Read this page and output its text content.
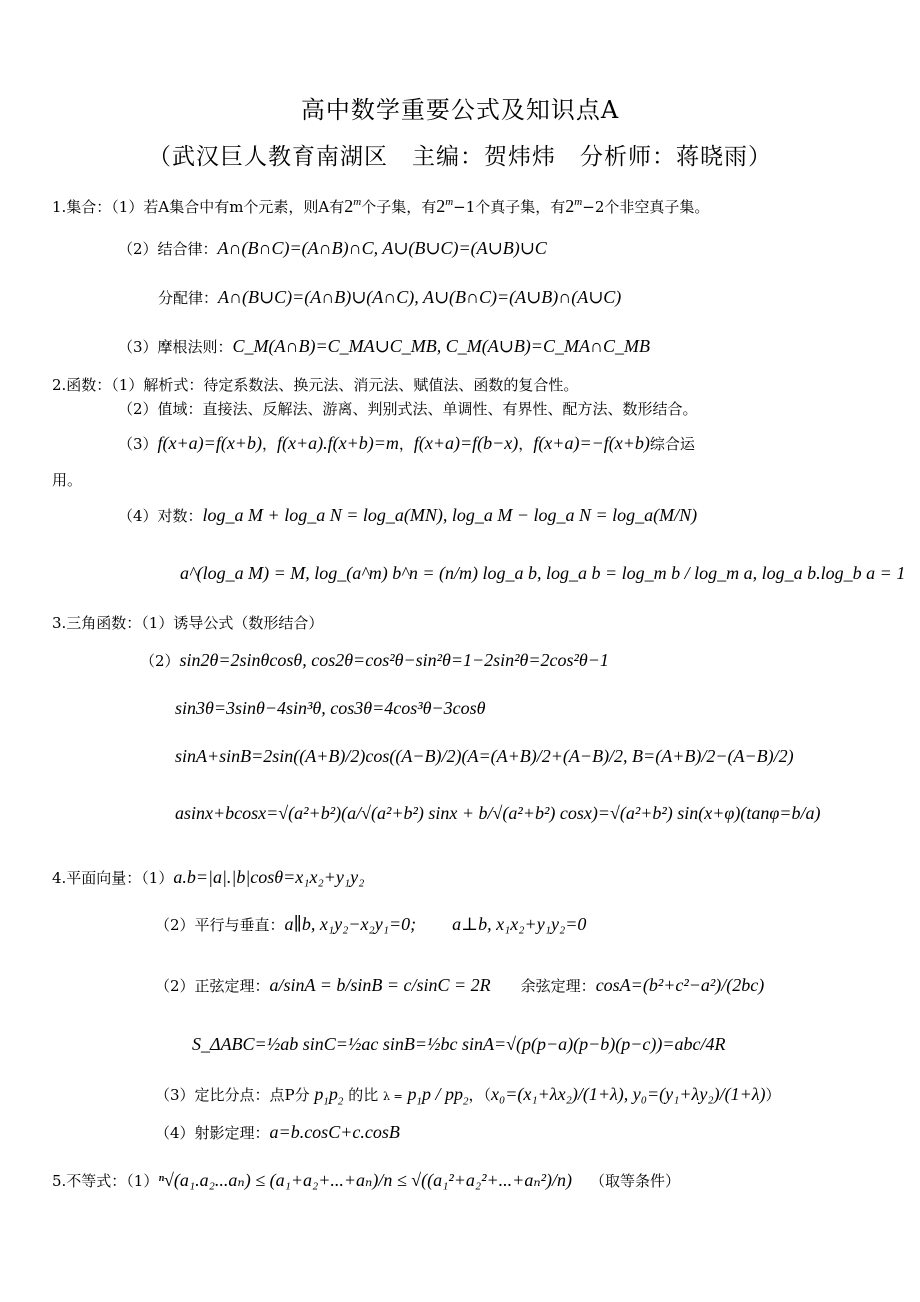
高中数学重要公式及知识点A
（武汉巨人教育南湖区　主编：贺炜炜　分析师：蒋晓雨）
1.集合：（1）若A集合中有m个元素，则A有2$^m$个子集，有$2^m-1$个真子集，有$2^m-2$个非空真子集。
（2）结合律：A∩(B∩C)=(A∩B)∩C, A∪(B∪C)=(A∪B)∪C
分配律：A∩(B∪C)=(A∩B)∪(A∩C), A∪(B∩C)=(A∪B)∩(A∪C)
（3）摩根法则：C_M(A∩B)=C_MA∪C_MB, C_M(A∪B)=C_MA∩C_MB
2.函数：（1）解析式：待定系数法、换元法、消元法、赋值法、函数的复合性。
（2）值域：直接法、反解法、游离、判别式法、单调性、有界性、配方法、数形结合。
（3）f(x+a)=f(x+b)，f(x+a).f(x+b)=m，f(x+a)=f(b−x)，f(x+a)=−f(x+b)综合运
用。
（4）对数：log_a M + log_a N = log_a(MN), log_a M − log_a N = log_a(M/N)
a^(log_a M) = M, log_(a^m) b^n = (n/m) log_a b, log_a b = log_m b / log_m a, log_a b.log_b a = 1
3.三角函数：（1）诱导公式（数形结合）
（2）sin2θ=2sinθcosθ, cos2θ=cos²θ−sin²θ=1−2sin²θ=2cos²θ−1
sin3θ=3sinθ−4sin³θ, cos3θ=4cos³θ−3cosθ
sinA+sinB=2sin((A+B)/2)cos((A−B)/2)(A=(A+B)/2+(A−B)/2, B=(A+B)/2−(A−B)/2)
asinx+bcosx=√(a²+b²)(a/√(a²+b²) sinx + b/√(a²+b²) cosx)=√(a²+b²) sin(x+φ)(tanφ=b/a)
4.平面向量：（1）a.b=|a|.|b|cosθ=x₁x₂+y₁y₂
（2）平行与垂直：a∥b, x₁y₂−x₂y₁=0;　　a⊥b, x₁x₂+y₁y₂=0
（2）正弦定理：a/sinA = b/sinB = c/sinC = 2R 余弦定理：cosA=(b²+c²−a²)/(2bc)
S_ΔABC=½ab sinC=½ac sinB=½bc sinA=√(p(p−a)(p−b)(p−c))=abc/4R
（3）定比分点：点P分 $p_1p_2$ 的比 $\lambda = p_1p / pp_2$，（x₀=(x₁+λx₂)/(1+λ), y₀=(y₁+λy₂)/(1+λ)）
（4）射影定理：a=b.cosC+c.cosB
5.不等式：（1）ⁿ√(a₁.a₂...aₙ) ≤ (a₁+a₂+...+aₙ)/n ≤ √((a₁²+a₂²+...+aₙ²)/n) （取等条件）
